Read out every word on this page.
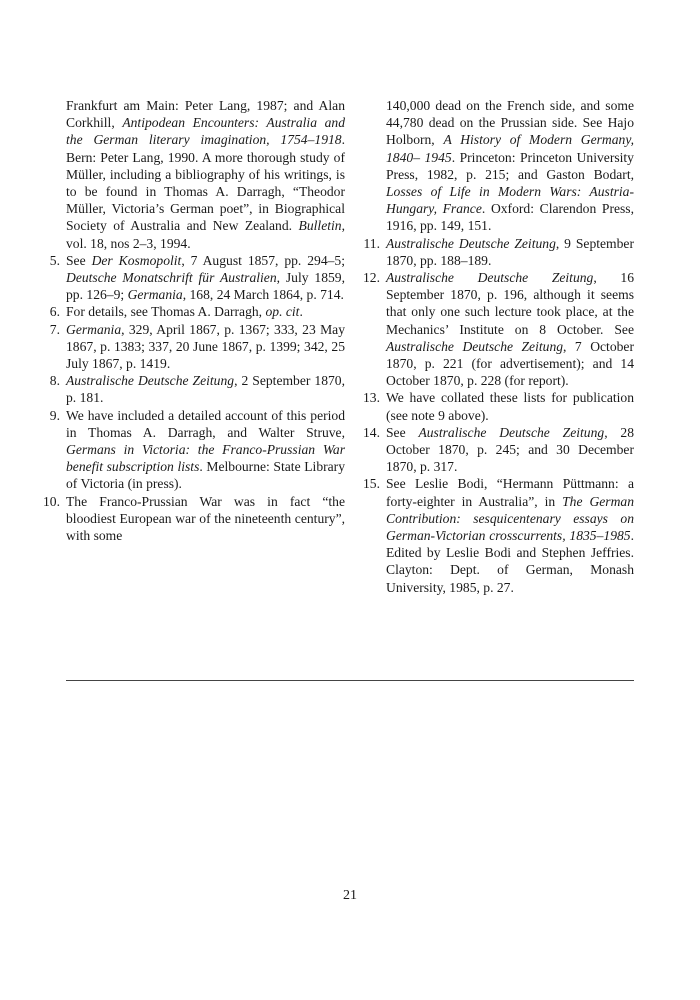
Frankfurt am Main: Peter Lang, 1987; and Alan Corkhill, Antipodean Encounters: Australia and the German literary imagination, 1754–1918. Bern: Peter Lang, 1990. A more thorough study of Müller, including a bibliography of his writings, is to be found in Thomas A. Darragh, “Theodor Müller, Victoria’s German poet”, in Biographical Society of Australia and New Zealand. Bulletin, vol. 18, nos 2–3, 1994.
5. See Der Kosmopolit, 7 August 1857, pp. 294–5; Deutsche Monatschrift für Australien, July 1859, pp. 126–9; Germania, 168, 24 March 1864, p. 714.
6. For details, see Thomas A. Darragh, op. cit.
7. Germania, 329, April 1867, p. 1367; 333, 23 May 1867, p. 1383; 337, 20 June 1867, p. 1399; 342, 25 July 1867, p. 1419.
8. Australische Deutsche Zeitung, 2 September 1870, p. 181.
9. We have included a detailed account of this period in Thomas A. Darragh, and Walter Struve, Germans in Victoria: the Franco-Prussian War benefit subscription lists. Melbourne: State Library of Victoria (in press).
10. The Franco-Prussian War was in fact “the bloodiest European war of the nineteenth century”, with some
140,000 dead on the French side, and some 44,780 dead on the Prussian side. See Hajo Holborn, A History of Modern Germany, 1840– 1945. Princeton: Princeton University Press, 1982, p. 215; and Gaston Bodart, Losses of Life in Modern Wars: Austria-Hungary, France. Oxford: Clarendon Press, 1916, pp. 149, 151.
11. Australische Deutsche Zeitung, 9 September 1870, pp. 188–189.
12. Australische Deutsche Zeitung, 16 September 1870, p. 196, although it seems that only one such lecture took place, at the Mechanics’ Institute on 8 October. See Australische Deutsche Zeitung, 7 October 1870, p. 221 (for advertisement); and 14 October 1870, p. 228 (for report).
13. We have collated these lists for publication (see note 9 above).
14. See Australische Deutsche Zeitung, 28 October 1870, p. 245; and 30 December 1870, p. 317.
15. See Leslie Bodi, “Hermann Püttmann: a forty-eighter in Australia”, in The German Contribution: sesquicentenary essays on German-Victorian crosscurrents, 1835–1985. Edited by Leslie Bodi and Stephen Jeffries. Clayton: Dept. of German, Monash University, 1985, p. 27.
21
